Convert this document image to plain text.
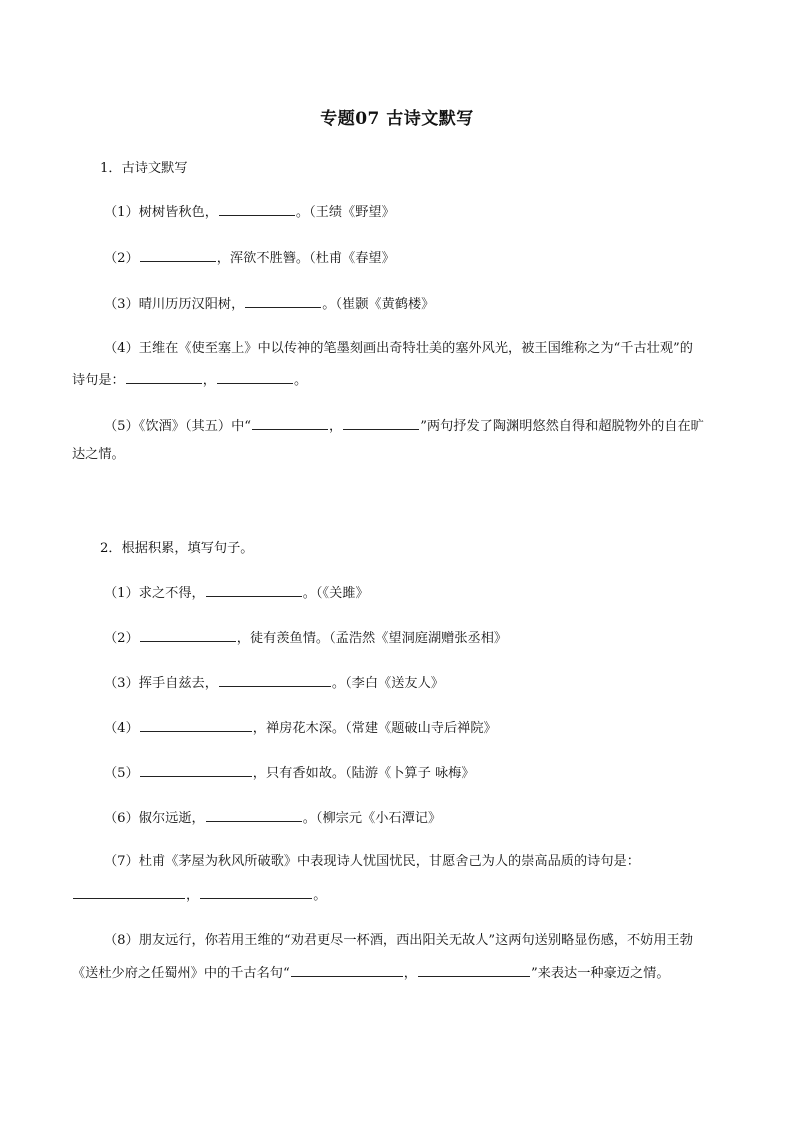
专题07 古诗文默写
1．古诗文默写
（1）树树皆秋色，	。（王绩《野望》
（2）	，浑欲不胜簪。（杜甫《春望》
（3）晴川历历汉阳树，	。（崔颢《黄鹤楼》
（4）王维在《使至塞上》中以传神的笔墨刻画出奇特壮美的塞外风光，被王国维称之为“千古壮观”的
诗句是：	，	。
（5）《饮酒》（其五）中“	，	”两句抒发了陶渊明悠然自得和超脱物外的自在旷
达之情。
2．根据积累，填写句子。
（1）求之不得，	。（《关雎》
（2）	，徒有羡鱼情。（孟浩然《望洞庭湖赠张丞相》
（3）挥手自兹去，	。（李白《送友人》
（4）	，禅房花木深。（常建《题破山寺后禅院》
（5）	，只有香如故。（陆游《卜算子 咏梅》
（6）俶尔远逝，	。（柳宗元《小石潭记》
（7）杜甫《茅屋为秋风所破歌》中表现诗人忧国忧民，甘愿舍己为人的崇高品质的诗句是：
，	。
（8）朋友远行，你若用王维的“劝君更尽一杯酒，西出阳关无故人”这两句送别略显伤感，不妨用王勃
《送杜少府之任蜀州》中的千古名句“	，	”来表达一种豪迈之情。
